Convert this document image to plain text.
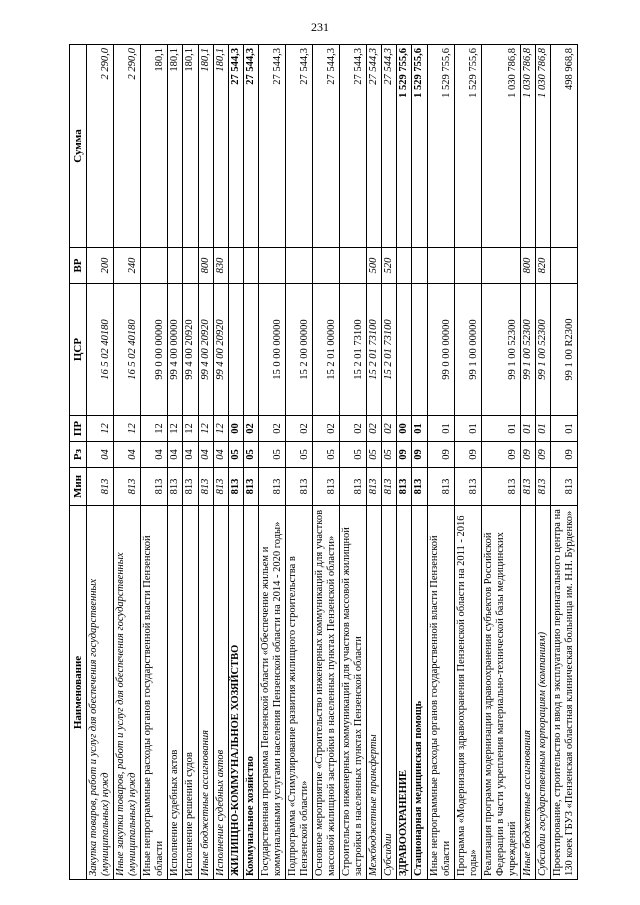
231
Наименование	Мин	Рз	ПР	ЦСР	ВР	Сумма
Закупка товаров, работ и услуг для обеспечения государственных (муниципальных) нужд	813	04	12	16 5 02 40180	200	2 290,0
Иные закупки товаров, работ и услуг для обеспечения государственных (муниципальных) нужд	813	04	12	16 5 02 40180	240	2 290,0
Иные непрограммные расходы органов государственной власти Пензенской области	813	04	12	99 0 00 00000		180,1
Исполнение судебных актов	813	04	12	99 4 00 00000		180,1
Исполнение решений судов	813	04	12	99 4 00 20920		180,1
Иные бюджетные ассигнования	813	04	12	99 4 00 20920	800	180,1
Исполнение судебных актов	813	04	12	99 4 00 20920	830	180,1
ЖИЛИЩНО-КОММУНАЛЬНОЕ ХОЗЯЙСТВО	813	05	00			27 544,3
Коммунальное хозяйство	813	05	02			27 544,3
Государственная программа Пензенской области «Обеспечение жильем и коммунальными услугами населения Пензенской области на 2014 - 2020 годы»	813	05	02	15 0 00 00000		27 544,3
Подпрограмма «Стимулирование развития жилищного строительства в Пензенской области»	813	05	02	15 2 00 00000		27 544,3
Основное мероприятие «Строительство инженерных коммуникаций для участков массовой жилищной застройки в населенных пунктах Пензенской области»	813	05	02	15 2 01 00000		27 544,3
Строительство инженерных коммуникаций для участков массовой жилищной застройки в населенных пунктах Пензенской области	813	05	02	15 2 01 73100		27 544,3
Межбюджетные трансферты	813	05	02	15 2 01 73100	500	27 544,3
Субсидии	813	05	02	15 2 01 73100	520	27 544,3
ЗДРАВООХРАНЕНИЕ	813	09	00			1 529 755,6
Стационарная медицинская помощь	813	09	01			1 529 755,6
Иные непрограммные расходы органов государственной власти Пензенской области	813	09	01	99 0 00 00000		1 529 755,6
Программа «Модернизация здравоохранения Пензенской области на 2011 - 2016 годы»	813	09	01	99 1 00 00000		1 529 755,6
Реализация программ модернизации здравоохранения субъектов Российской Федерации в части укрепления материально-технической базы медицинских учреждений	813	09	01	99 1 00 52300		1 030 786,8
Иные бюджетные ассигнования	813	09	01	99 1 00 52300	800	1 030 786,8
Субсидии государственным корпорациям (компаниям)	813	09	01	99 1 00 52300	820	1 030 786,8
Проектирование, строительство и ввод в эксплуатацию перинатального центра на 130 коек ГБУЗ «Пензенская областная клиническая больница им. Н.Н. Бурденко»	813	09	01	99 1 00 R2300		498 968,8
